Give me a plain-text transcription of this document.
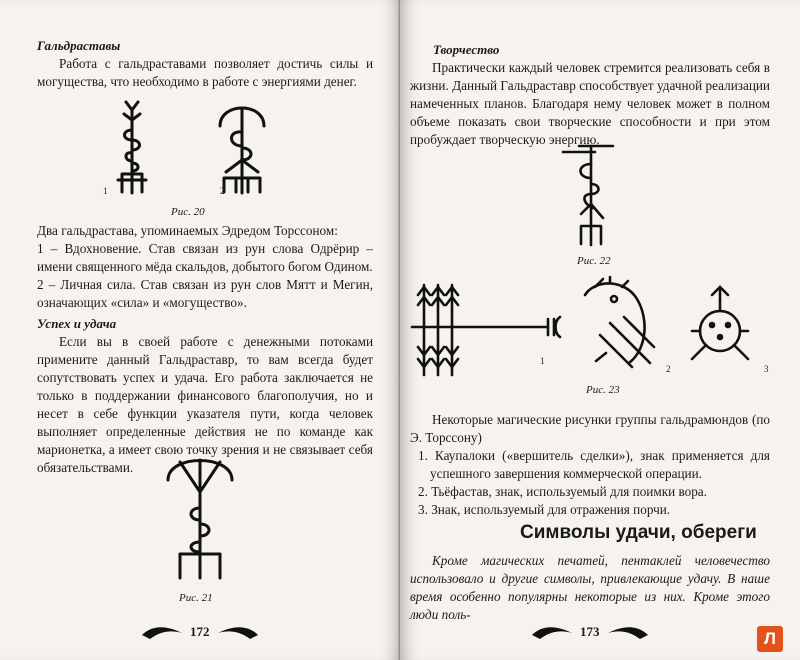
Гальдраставы

Работа с гальдраставами позволяет достичь силы и могущества, что необходимо в работе с энергиями денег.

1	2
Рис. 20

Два гальдраставa, упоминаемых Эдредом Торссоном:

1 – Вдохновение. Став связан из рун слова Одрёрир – имени священного мёда скальдов, добытого богом Одином.

2 – Личная сила. Став связан из рун слов Мятт и Мегин, означающих «сила» и «могущество».

Успех и удача

Если вы в своей работе с денежными потоками примените данный Гальдраставр, то вам всегда будет сопутствовать успех и удача. Его работа заключается не только в поддержании финансового благополучия, но и несет в себе функции указателя пути, когда человек выполняет определенные действия не по команде как марионетка, а имеет свою точку зрения и не связывает себя обязательствами.

Рис. 21
172
Творчество

Практически каждый человек стремится реализовать себя в жизни. Данный Гальдраставр способствует удачной реализации намеченных планов. Благодаря нему человек может в полном объеме показать свои творческие способности и при этом пробуждает творческую энергию.

Рис. 22
1
2	3
Рис. 23

Некоторые магические рисунки группы гальдрамюндов (по Э. Торссону)

1. Каупалоки («вершитель сделки»), знак применяется для успешного завершения коммерческой операции.
2. Тьёфастав, знак, используемый для поимки вора.
3. Знак, используемый для отражения порчи.
Символы удачи, обереги

Кроме магических печатей, пентаклей человечество использовало и другие символы, привлекающие удачу. В наше время особенно популярны некоторые из них. Кроме этого люди поль-

173	Л
